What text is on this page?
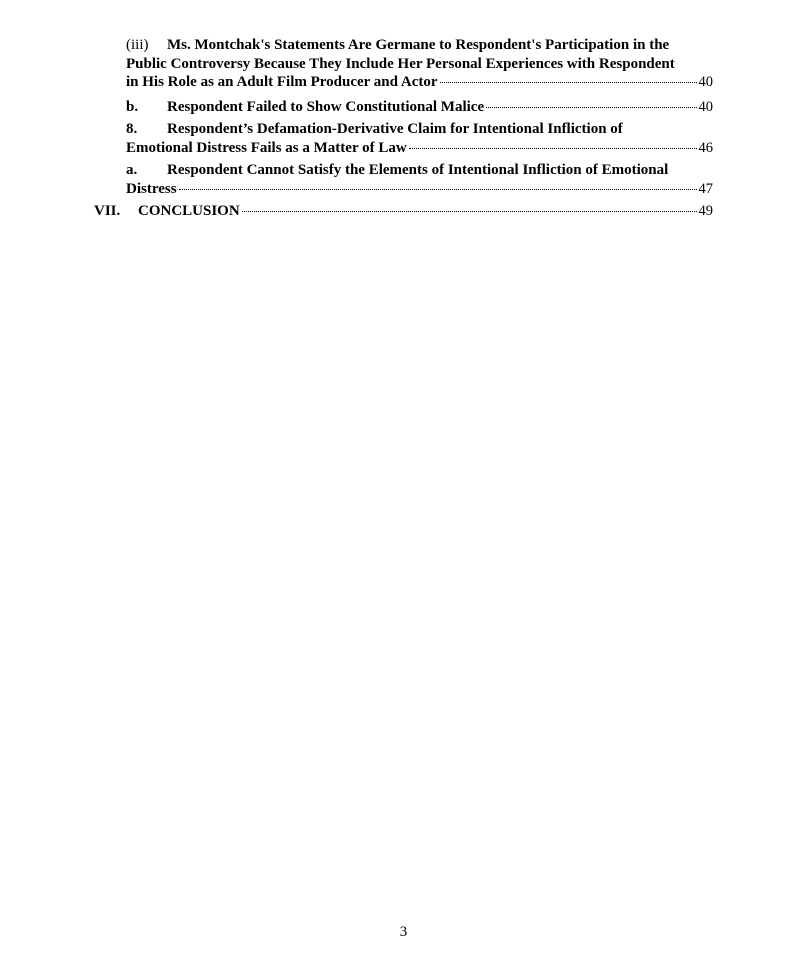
(iii) Ms. Montchak's Statements Are Germane to Respondent's Participation in the
Public Controversy Because They Include Her Personal Experiences with Respondent
in His Role as an Adult Film Producer and Actor	40
b. Respondent Failed to Show Constitutional Malice	40
8. Respondent’s Defamation-Derivative Claim for Intentional Infliction of
Emotional Distress Fails as a Matter of Law	46
a. Respondent Cannot Satisfy the Elements of Intentional Infliction of Emotional
Distress	47
VII. CONCLUSION	49
3
